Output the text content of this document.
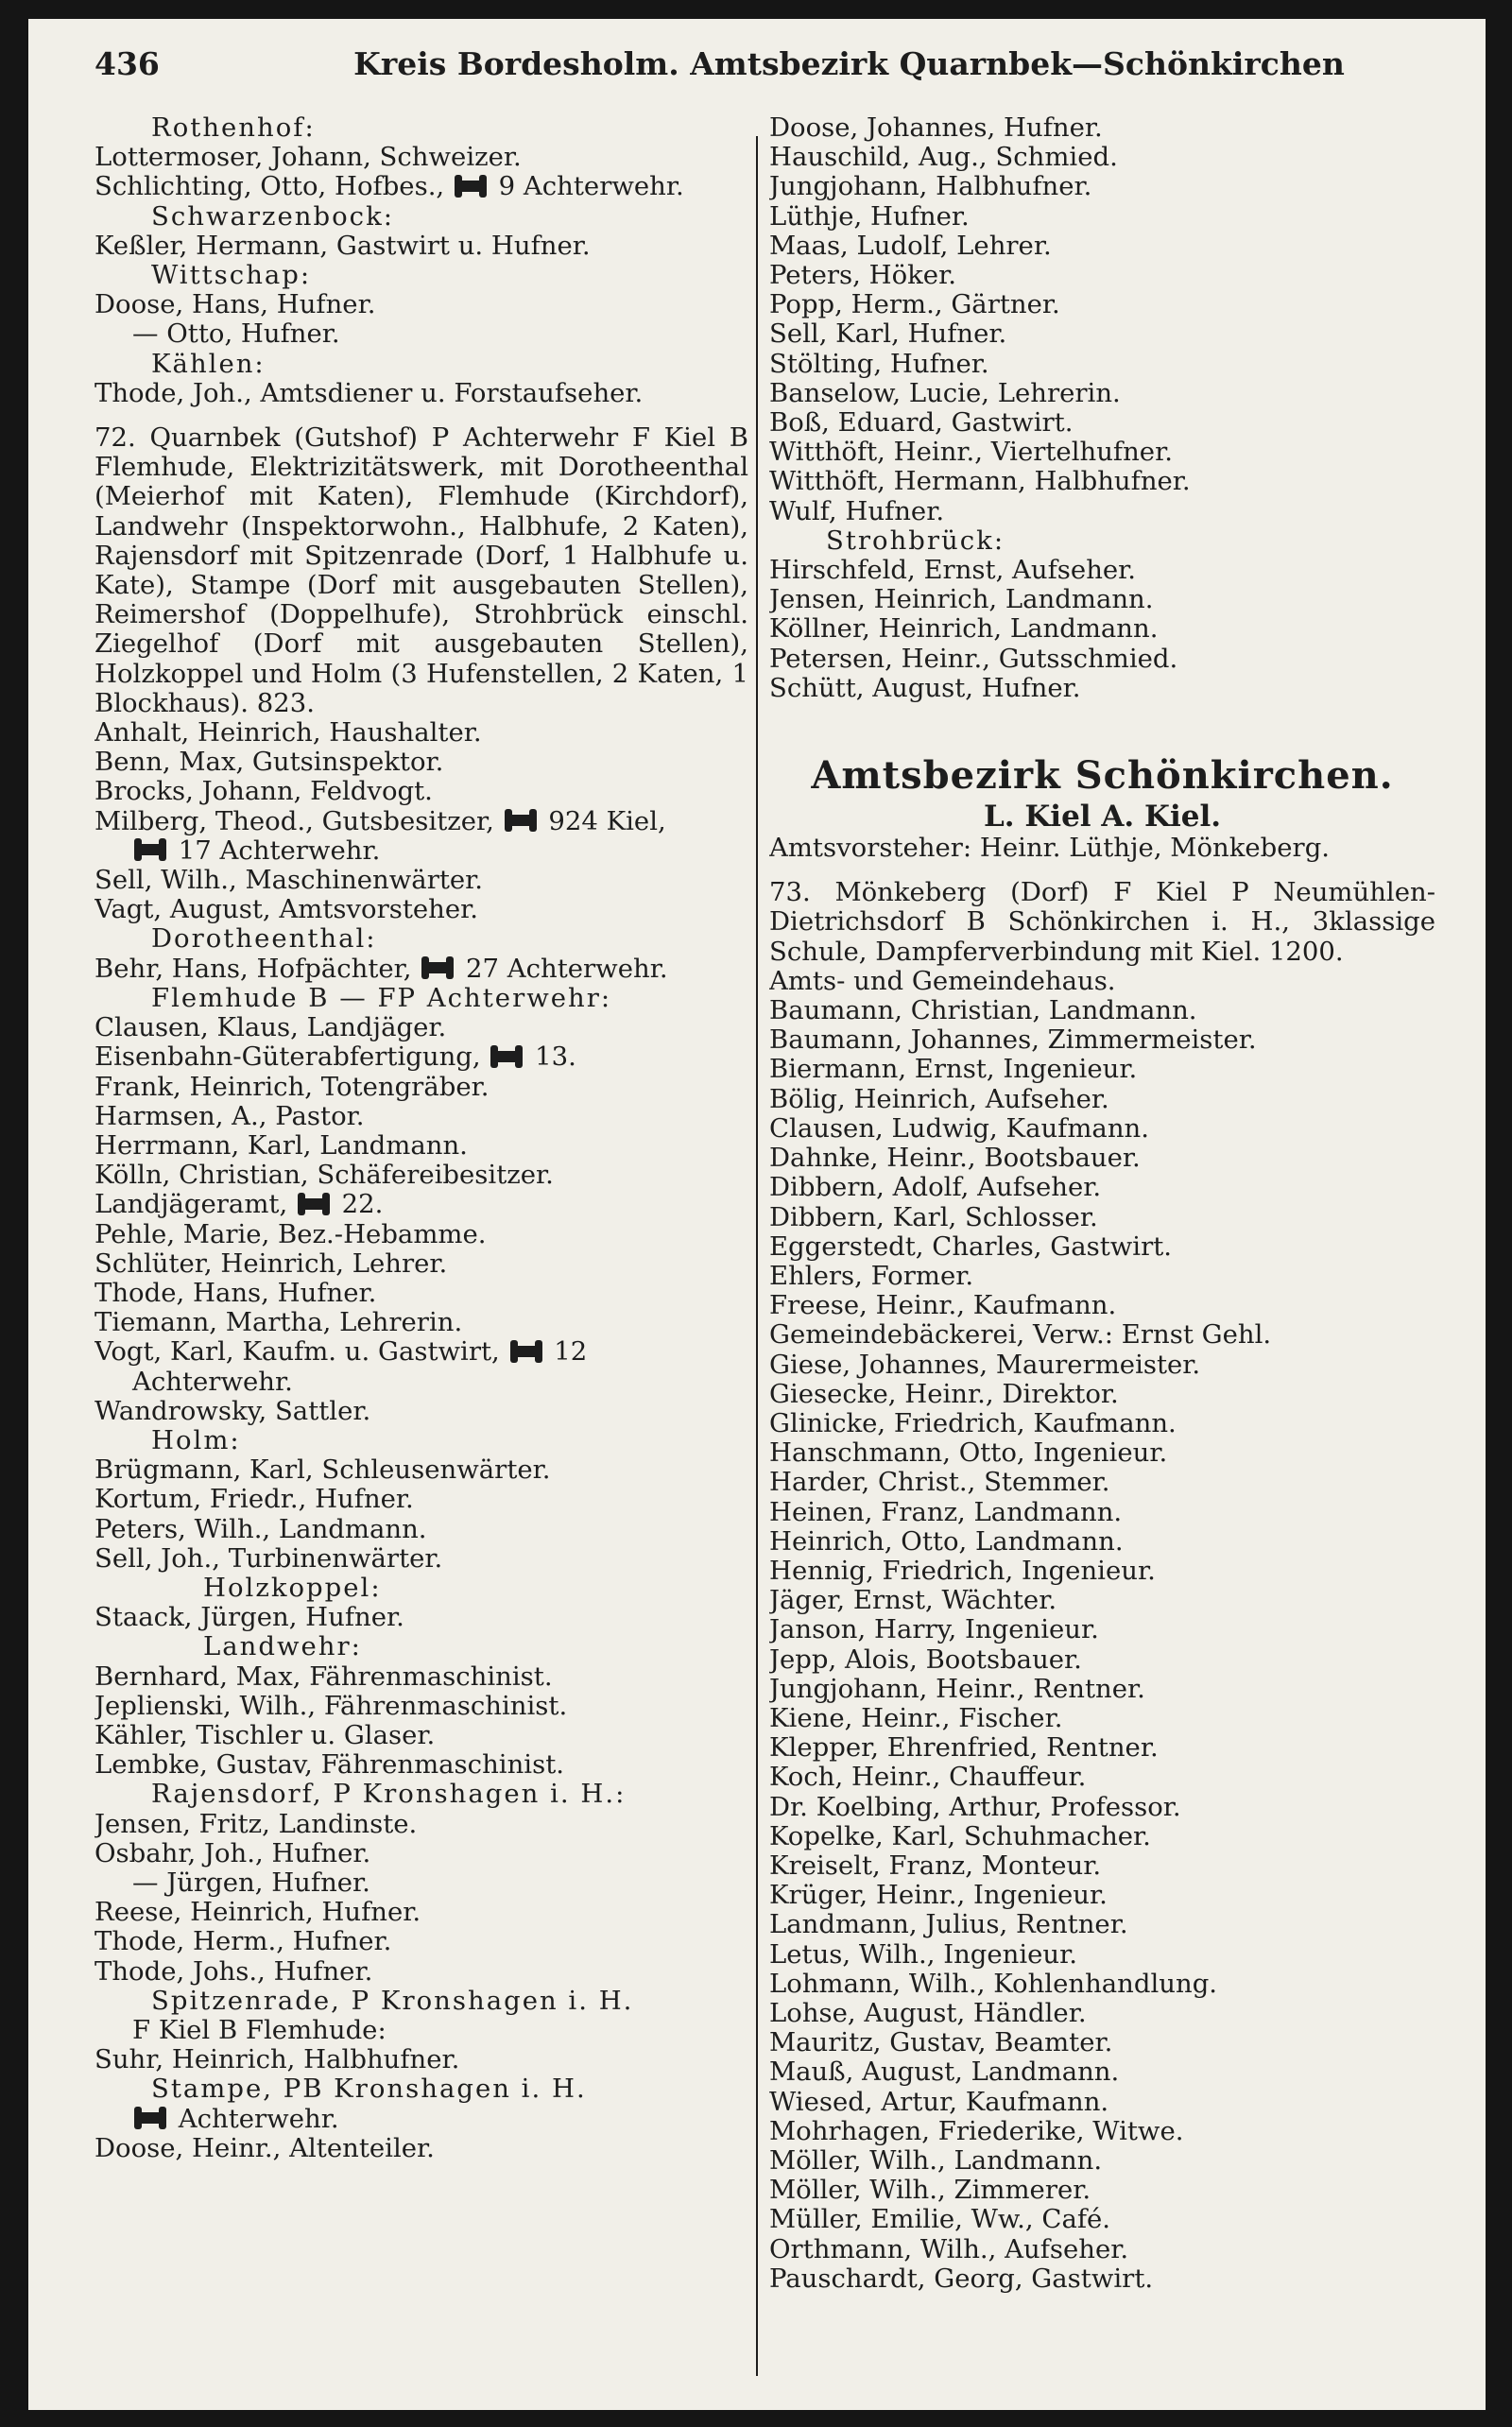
436	Kreis Bordesholm. Amtsbezirk Quarnbek—Schönkirchen
Rothenhof:
Lottermoser, Johann, Schweizer.
Schlichting, Otto, Hofbes.,  9 Achterwehr.
Schwarzenbock:
Keßler, Hermann, Gastwirt u. Hufner.
Wittschap:
Doose, Hans, Hufner.
— Otto, Hufner.
Kählen:
Thode, Joh., Amtsdiener u. Forstaufseher.
72. Quarnbek (Gutshof) P Achterwehr F Kiel B Flemhude, Elektrizitätswerk, mit Dorotheenthal (Meierhof mit Katen), Flemhude (Kirchdorf), Landwehr (Inspektorwohn., Halbhufe, 2 Katen), Rajensdorf mit Spitzenrade (Dorf, 1 Halbhufe u. Kate), Stampe (Dorf mit ausgebauten Stellen), Reimershof (Doppelhufe), Strohbrück einschl. Ziegelhof (Dorf mit ausgebauten Stellen), Holzkoppel und Holm (3 Hufenstellen, 2 Katen, 1 Blockhaus). 823.
Anhalt, Heinrich, Haushalter.
Benn, Max, Gutsinspektor.
Brocks, Johann, Feldvogt.
Milberg, Theod., Gutsbesitzer,  924 Kiel,
17 Achterwehr.
Sell, Wilh., Maschinenwärter.
Vagt, August, Amtsvorsteher.
Dorotheenthal:
Behr, Hans, Hofpächter,  27 Achterwehr.
Flemhude B — FP Achterwehr:
Clausen, Klaus, Landjäger.
Eisenbahn-Güterabfertigung,  13.
Frank, Heinrich, Totengräber.
Harmsen, A., Pastor.
Herrmann, Karl, Landmann.
Kölln, Christian, Schäfereibesitzer.
Landjägeramt,  22.
Pehle, Marie, Bez.-Hebamme.
Schlüter, Heinrich, Lehrer.
Thode, Hans, Hufner.
Tiemann, Martha, Lehrerin.
Vogt, Karl, Kaufm. u. Gastwirt,  12
Achterwehr.
Wandrowsky, Sattler.
Holm:
Brügmann, Karl, Schleusenwärter.
Kortum, Friedr., Hufner.
Peters, Wilh., Landmann.
Sell, Joh., Turbinenwärter.
Holzkoppel:
Staack, Jürgen, Hufner.
Landwehr:
Bernhard, Max, Fährenmaschinist.
Jeplienski, Wilh., Fährenmaschinist.
Kähler, Tischler u. Glaser.
Lembke, Gustav, Fährenmaschinist.
Rajensdorf, P Kronshagen i. H.:
Jensen, Fritz, Landinste.
Osbahr, Joh., Hufner.
— Jürgen, Hufner.
Reese, Heinrich, Hufner.
Thode, Herm., Hufner.
Thode, Johs., Hufner.
Spitzenrade, P Kronshagen i. H.
F Kiel B Flemhude:
Suhr, Heinrich, Halbhufner.
Stampe, PB Kronshagen i. H.
Achterwehr.
Doose, Heinr., Altenteiler.
Doose, Johannes, Hufner.
Hauschild, Aug., Schmied.
Jungjohann, Halbhufner.
Lüthje, Hufner.
Maas, Ludolf, Lehrer.
Peters, Höker.
Popp, Herm., Gärtner.
Sell, Karl, Hufner.
Stölting, Hufner.
Banselow, Lucie, Lehrerin.
Boß, Eduard, Gastwirt.
Witthöft, Heinr., Viertelhufner.
Witthöft, Hermann, Halbhufner.
Wulf, Hufner.
Strohbrück:
Hirschfeld, Ernst, Aufseher.
Jensen, Heinrich, Landmann.
Köllner, Heinrich, Landmann.
Petersen, Heinr., Gutsschmied.
Schütt, August, Hufner.
Amtsbezirk Schönkirchen.
L. Kiel A. Kiel.
Amtsvorsteher: Heinr. Lüthje, Mönkeberg.
73. Mönkeberg (Dorf) F Kiel P Neumühlen-Dietrichsdorf B Schönkirchen i. H., 3klassige Schule, Dampferverbindung mit Kiel. 1200.
Amts- und Gemeindehaus.
Baumann, Christian, Landmann.
Baumann, Johannes, Zimmermeister.
Biermann, Ernst, Ingenieur.
Bölig, Heinrich, Aufseher.
Clausen, Ludwig, Kaufmann.
Dahnke, Heinr., Bootsbauer.
Dibbern, Adolf, Aufseher.
Dibbern, Karl, Schlosser.
Eggerstedt, Charles, Gastwirt.
Ehlers, Former.
Freese, Heinr., Kaufmann.
Gemeindebäckerei, Verw.: Ernst Gehl.
Giese, Johannes, Maurermeister.
Giesecke, Heinr., Direktor.
Glinicke, Friedrich, Kaufmann.
Hanschmann, Otto, Ingenieur.
Harder, Christ., Stemmer.
Heinen, Franz, Landmann.
Heinrich, Otto, Landmann.
Hennig, Friedrich, Ingenieur.
Jäger, Ernst, Wächter.
Janson, Harry, Ingenieur.
Jepp, Alois, Bootsbauer.
Jungjohann, Heinr., Rentner.
Kiene, Heinr., Fischer.
Klepper, Ehrenfried, Rentner.
Koch, Heinr., Chauffeur.
Dr. Koelbing, Arthur, Professor.
Kopelke, Karl, Schuhmacher.
Kreiselt, Franz, Monteur.
Krüger, Heinr., Ingenieur.
Landmann, Julius, Rentner.
Letus, Wilh., Ingenieur.
Lohmann, Wilh., Kohlenhandlung.
Lohse, August, Händler.
Mauritz, Gustav, Beamter.
Mauß, August, Landmann.
Wiesed, Artur, Kaufmann.
Mohrhagen, Friederike, Witwe.
Möller, Wilh., Landmann.
Möller, Wilh., Zimmerer.
Müller, Emilie, Ww., Café.
Orthmann, Wilh., Aufseher.
Pauschardt, Georg, Gastwirt.
